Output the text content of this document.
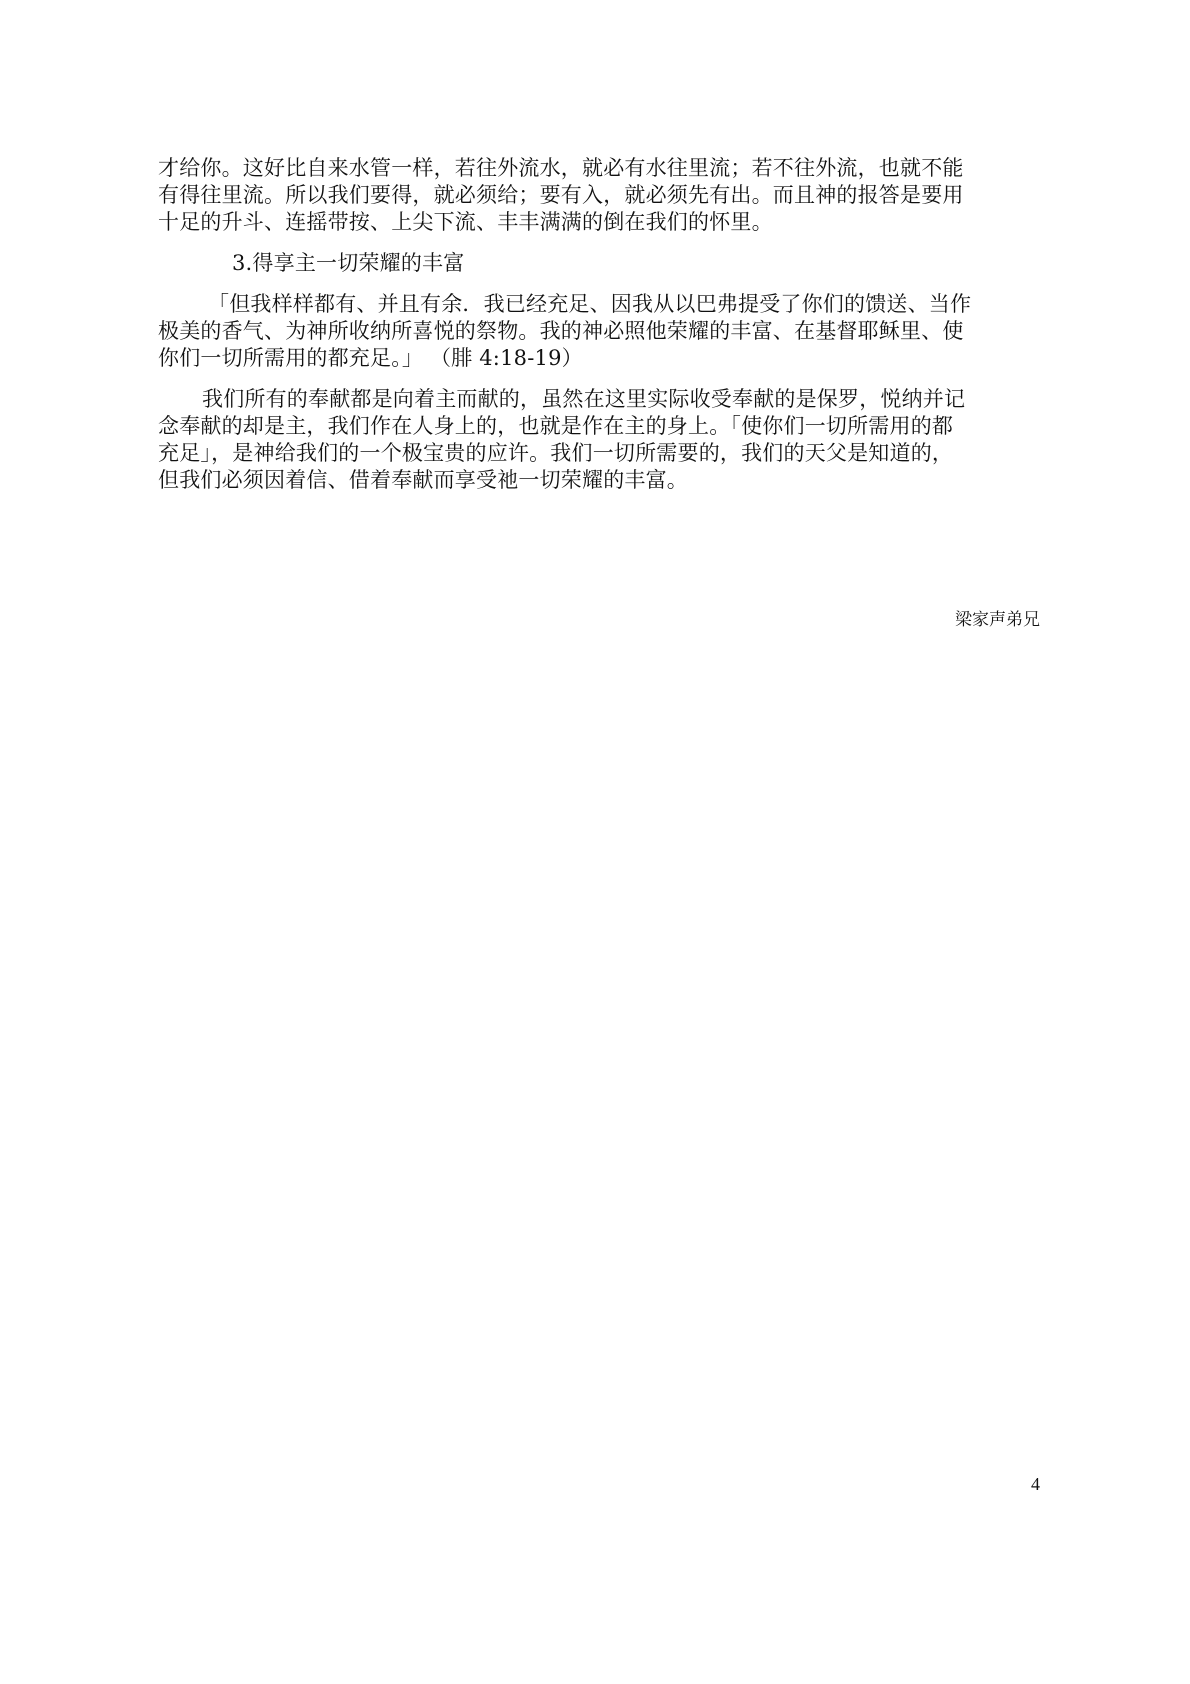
才给你。这好比自来水管一样，若往外流水，就必有水往里流；若不往外流，也就不能
有得往里流。所以我们要得，就必须给；要有入，就必须先有出。而且神的报答是要用
十足的升斗、连摇带按、上尖下流、丰丰满满的倒在我们的怀里。
3.得享主一切荣耀的丰富
「但我样样都有、并且有余．我已经充足、因我从以巴弗提受了你们的馈送、当作
极美的香气、为神所收纳所喜悦的祭物。我的神必照他荣耀的丰富、在基督耶稣里、使
你们一切所需用的都充足。」 （腓 4:18-19）
我们所有的奉献都是向着主而献的，虽然在这里实际收受奉献的是保罗，悦纳并记
念奉献的却是主，我们作在人身上的，也就是作在主的身上。「使你们一切所需用的都
充足」，是神给我们的一个极宝贵的应许。我们一切所需要的，我们的天父是知道的，
但我们必须因着信、借着奉献而享受祂一切荣耀的丰富。
梁家声弟兄
4
